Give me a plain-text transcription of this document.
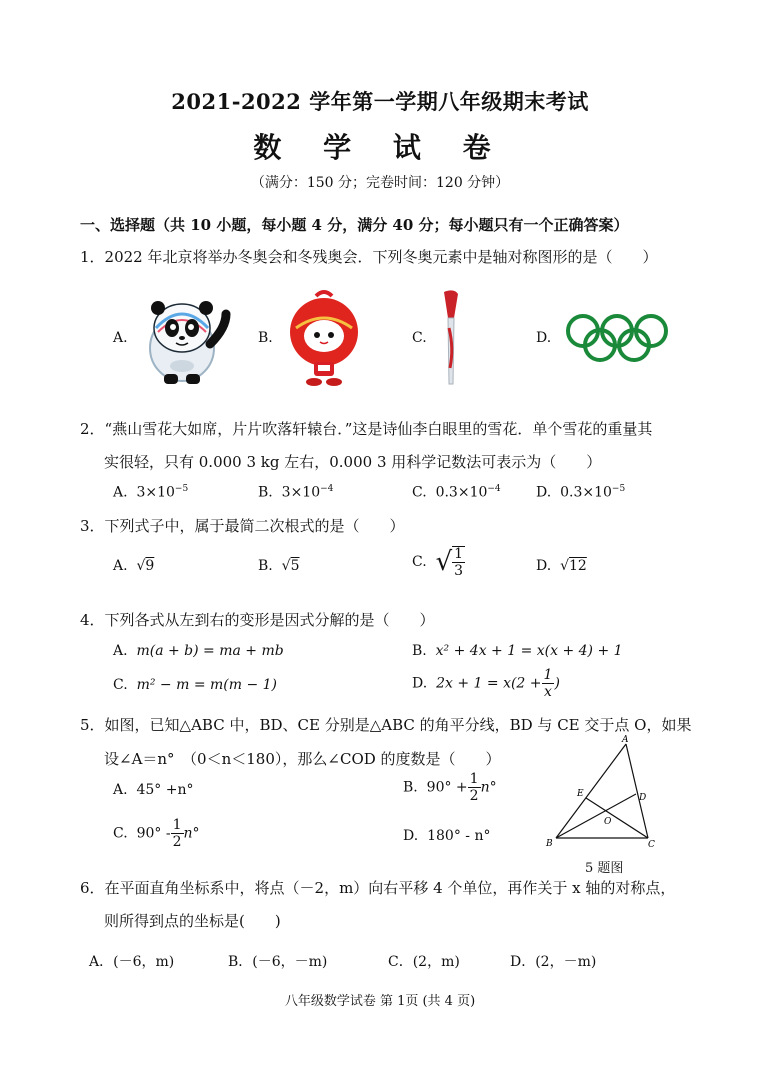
2021-2022 学年第一学期八年级期末考试
数 学 试 卷
（满分：150 分；完卷时间：120 分钟）
一、选择题（共 10 小题，每小题 4 分，满分 40 分；每小题只有一个正确答案）
1．2022 年北京将举办冬奥会和冬残奥会．下列冬奥元素中是轴对称图形的是（　　）
A.	B.	C.	D.
2．“燕山雪花大如席，片片吹落轩辕台．”这是诗仙李白眼里的雪花．单个雪花的重量其
实很轻，只有 0.000 3 kg 左右，0.000 3 用科学记数法可表示为（　　）
A. $3\times 10^{-5}$	B. $3\times 10^{-4}$	C. $0.3\times 10^{-4}$	D. $0.3\times 10^{-5}$
3．下列式子中，属于最简二次根式的是（　　）
A.  √9	B.  √5	C. √ $\frac{1}{3}$	D.  √12
4．下列各式从左到右的变形是因式分解的是（　　）
A. m(a + b) = ma + mb	B. x² + 4x + 1 = x(x + 4) + 1
C. m² − m = m(m − 1)	D. $2x + 1 = x(2 + \frac{1}{x}$ )
5．如图，已知△ABC 中，BD、CE 分别是△ABC 的角平分线，BD 与 CE 交于点 O，如果
设∠A＝n°　（0＜n＜180），那么∠COD 的度数是（　　）
A. 45° +n°	B. $90^\circ + \frac{1}{2} n^\circ$
C. $90^\circ - \frac{1}{2} n^\circ$	D. 180° - n°
A
E	D
O
B	C
5 题图
6．在平面直角坐标系中，将点（－2，m）向右平移 4 个单位，再作关于 x 轴的对称点，
则所得到点的坐标是(　　)
A．(－6，m)	B．(－6，－m)	C．(2，m)	D．(2，－m)
八年级数学试卷 第 1页 (共 4 页)
